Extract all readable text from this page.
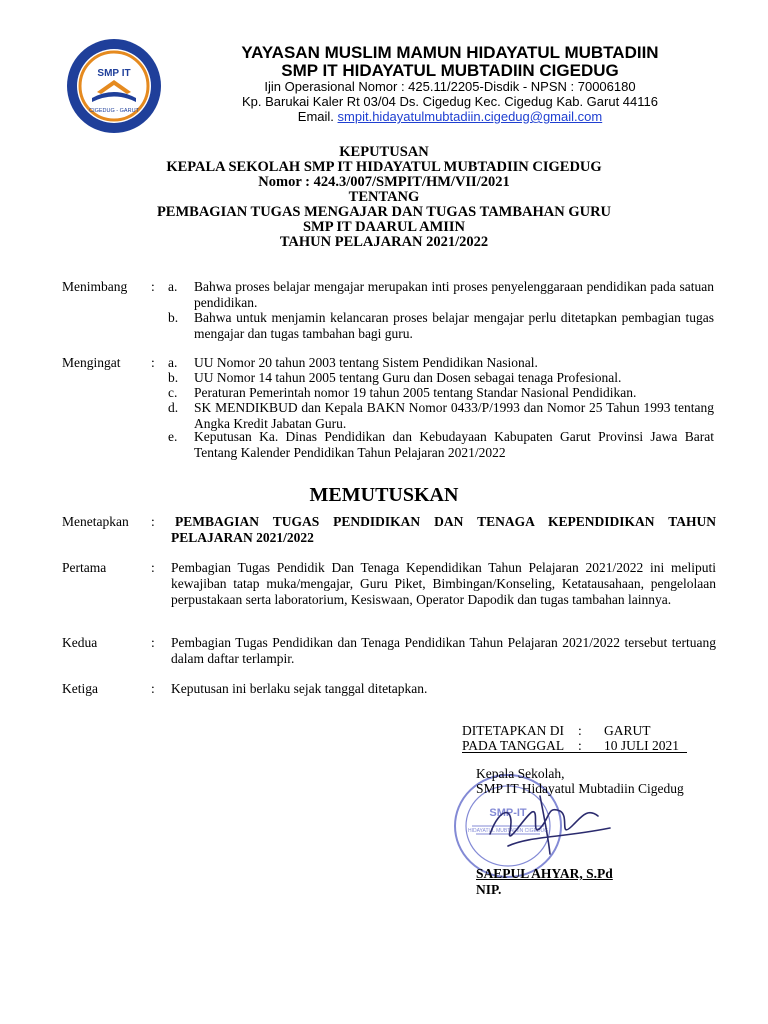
SMP IT
CIGEDUG - GARUT
YAYASAN MUSLIM MAMUN HIDAYATUL MUBTADIIN
SMP IT HIDAYATUL MUBTADIIN CIGEDUG
Ijin Operasional Nomor : 425.11/2205-Disdik - NPSN : 70006180
Kp. Barukai Kaler Rt 03/04 Ds. Cigedug Kec. Cigedug Kab. Garut 44116
Email. smpit.hidayatulmubtadiin.cigedug@gmail.com
KEPUTUSAN
KEPALA SEKOLAH SMP IT HIDAYATUL MUBTADIIN CIGEDUG
Nomor : 424.3/007/SMPIT/HM/VII/2021
TENTANG
PEMBAGIAN TUGAS MENGAJAR DAN TUGAS TAMBAHAN GURU
SMP IT DAARUL AMIIN
TAHUN PELAJARAN 2021/2022
Menimbang : a. Bahwa proses belajar mengajar merupakan inti proses penyelenggaraan pendidikan pada satuan pendidikan.
b. Bahwa untuk menjamin kelancaran proses belajar mengajar perlu ditetapkan pembagian tugas mengajar dan tugas tambahan bagi guru.
Mengingat : a. UU Nomor 20 tahun 2003 tentang Sistem Pendidikan Nasional.
b. UU Nomor 14 tahun 2005 tentang Guru dan Dosen sebagai tenaga Profesional.
c. Peraturan Pemerintah nomor 19 tahun 2005 tentang Standar Nasional Pendidikan.
d. SK MENDIKBUD dan Kepala BAKN Nomor 0433/P/1993 dan Nomor 25 Tahun 1993 tentang Angka Kredit Jabatan Guru.
e. Keputusan Ka. Dinas Pendidikan dan Kebudayaan Kabupaten Garut Provinsi Jawa Barat Tentang Kalender Pendidikan Tahun Pelajaran 2021/2022
MEMUTUSKAN
Menetapkan : PEMBAGIAN TUGAS PENDIDIKAN DAN TENAGA KEPENDIDIKAN TAHUN PELAJARAN 2021/2022
Pertama	: Pembagian Tugas Pendidik Dan Tenaga Kependidikan Tahun Pelajaran 2021/2022 ini meliputi kewajiban tatap muka/mengajar, Guru Piket, Bimbingan/Konseling, Ketatausahaan, pengelolaan perpustakaan serta laboratorium, Kesiswaan, Operator Dapodik dan tugas tambahan lainnya.
Kedua	: Pembagian Tugas Pendidikan dan Tenaga Pendidikan Tahun Pelajaran 2021/2022 tersebut tertuang dalam daftar terlampir.
Ketiga	: Keputusan ini berlaku sejak tanggal ditetapkan.
DITETAPKAN DI : GARUT
PADA TANGGAL : 10 JULI 2021
SMP-IT
HIDAYATUL MUBTADIIN CIGEDUG
Kepala Sekolah,
SMP IT Hidayatul Mubtadiin Cigedug
SAEPUL AHYAR, S.Pd
NIP.
